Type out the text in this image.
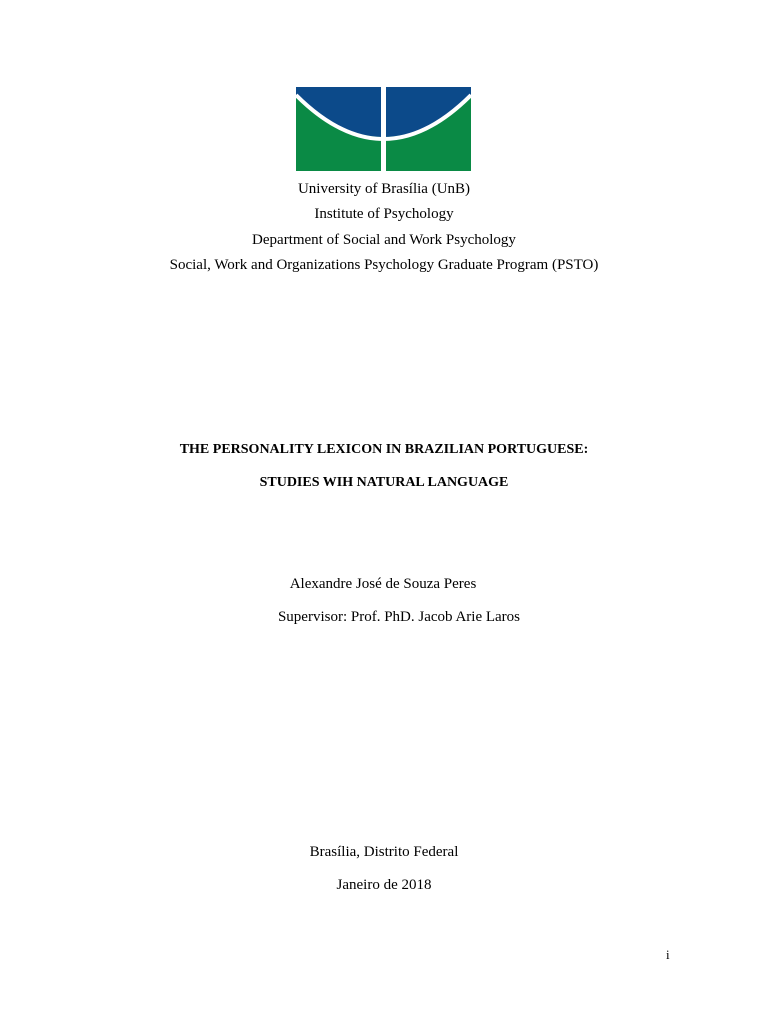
University of Brasília (UnB)
Institute of Psychology
Department of Social and Work Psychology
Social, Work and Organizations Psychology Graduate Program (PSTO)
THE PERSONALITY LEXICON IN BRAZILIAN PORTUGUESE:
STUDIES WIH NATURAL LANGUAGE
Alexandre José de Souza Peres
Supervisor: Prof. PhD. Jacob Arie Laros
Brasília, Distrito Federal
Janeiro de 2018
i
